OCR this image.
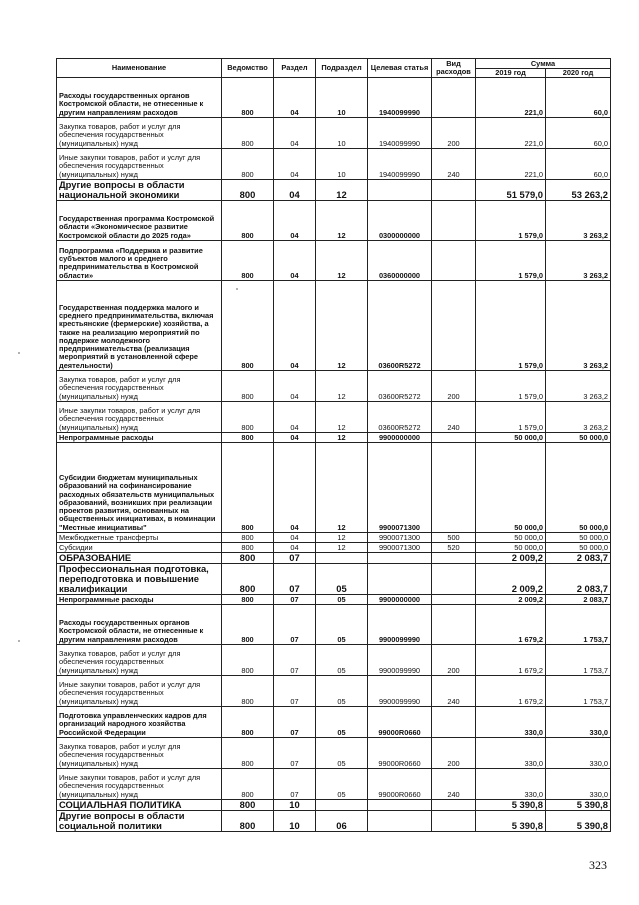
Наименование	Ведомство	Раздел	Подраздел	Целевая статья	Вид расходов	Сумма	
						2019 год	2020 год
Расходы государственных органов Костромской области, не отнесенные к другим направлениям расходов	800	04	10	1940099990		221,0	60,0
Закупка товаров, работ и услуг для обеспечения государственных (муниципальных) нужд	800	04	10	1940099990	200	221,0	60,0
Иные закупки товаров, работ и услуг для обеспечения государственных (муниципальных) нужд	800	04	10	1940099990	240	221,0	60,0
Другие вопросы в области национальной экономики	800	04	12			51 579,0	53 263,2
Государственная программа Костромской области «Экономическое развитие Костромской области до 2025 года»	800	04	12	0300000000		1 579,0	3 263,2
Подпрограмма «Поддержка и развитие субъектов малого и среднего предпринимательства в Костромской области»	800	04	12	0360000000		1 579,0	3 263,2
Государственная поддержка малого и среднего предпринимательства, включая крестьянские (фермерские) хозяйства, а также на реализацию мероприятий по поддержке молодежного предпринимательства (реализация мероприятий в установленной сфере деятельности)	800	04	12	03600R5272		1 579,0	3 263,2
Закупка товаров, работ и услуг для обеспечения государственных (муниципальных) нужд	800	04	12	03600R5272	200	1 579,0	3 263,2
Иные закупки товаров, работ и услуг для обеспечения государственных (муниципальных) нужд	800	04	12	03600R5272	240	1 579,0	3 263,2
Непрограммные расходы	800	04	12	9900000000		50 000,0	50 000,0
Субсидии бюджетам муниципальных образований на софинансирование расходных обязательств муниципальных образований, возникших при реализации проектов развития, основанных на общественных инициативах, в номинации "Местные инициативы"	800	04	12	9900071300		50 000,0	50 000,0
Межбюджетные трансферты	800	04	12	9900071300	500	50 000,0	50 000,0
Субсидии	800	04	12	9900071300	520	50 000,0	50 000,0
ОБРАЗОВАНИЕ	800	07				2 009,2	2 083,7
Профессиональная подготовка, переподготовка и повышение квалификации	800	07	05			2 009,2	2 083,7
Непрограммные расходы	800	07	05	9900000000		2 009,2	2 083,7
Расходы государственных органов Костромской области, не отнесенные к другим направлениям расходов	800	07	05	9900099990		1 679,2	1 753,7
Закупка товаров, работ и услуг для обеспечения государственных (муниципальных) нужд	800	07	05	9900099990	200	1 679,2	1 753,7
Иные закупки товаров, работ и услуг для обеспечения государственных (муниципальных) нужд	800	07	05	9900099990	240	1 679,2	1 753,7
Подготовка управленческих кадров для организаций народного хозяйства Российской Федерации	800	07	05	99000R0660		330,0	330,0
Закупка товаров, работ и услуг для обеспечения государственных (муниципальных) нужд	800	07	05	99000R0660	200	330,0	330,0
Иные закупки товаров, работ и услуг для обеспечения государственных (муниципальных) нужд	800	07	05	99000R0660	240	330,0	330,0
СОЦИАЛЬНАЯ ПОЛИТИКА	800	10				5 390,8	5 390,8
Другие вопросы в области социальной политики	800	10	06			5 390,8	5 390,8
323
